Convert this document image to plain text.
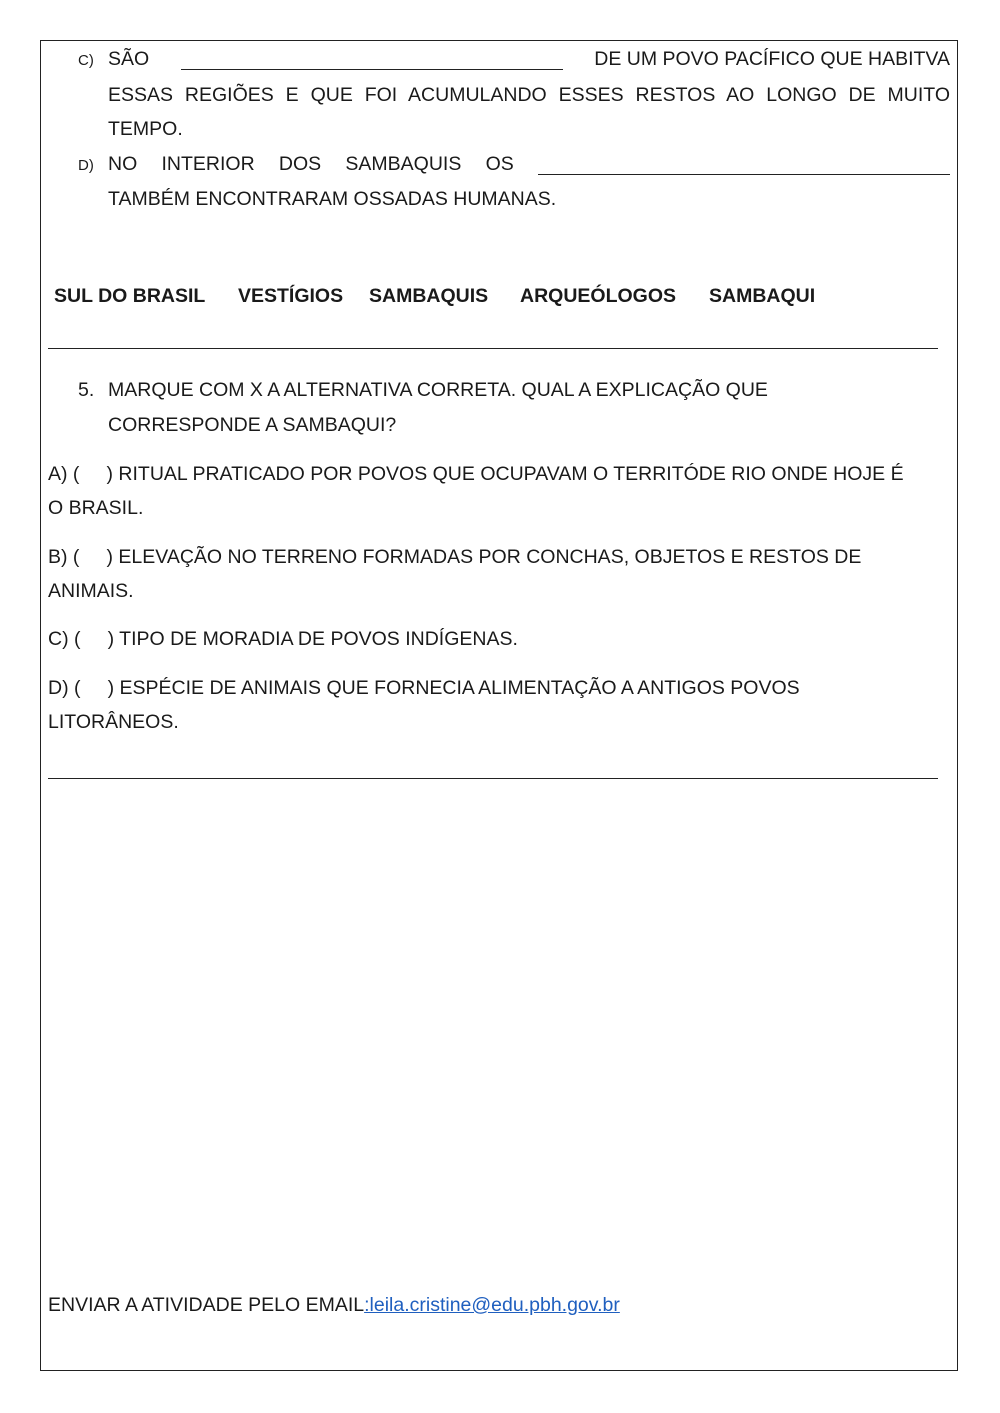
C) SÃO	DE UM POVO PACÍFICO QUE HABITVA
ESSAS REGIÕES E QUE FOI ACUMULANDO ESSES RESTOS AO LONGO DE MUITO
TEMPO.
D) NO INTERIOR DOS SAMBAQUIS OS
TAMBÉM ENCONTRARAM OSSADAS HUMANAS.
SUL DO BRASIL VESTÍGIOS SAMBAQUIS ARQUEÓLOGOS SAMBAQUI
5. MARQUE COM X A ALTERNATIVA CORRETA. QUAL A EXPLICAÇÃO QUE
CORRESPONDE A SAMBAQUI?
A) (     ) RITUAL PRATICADO POR POVOS QUE OCUPAVAM O TERRITÓDE RIO ONDE HOJE É
O BRASIL.
B) (     ) ELEVAÇÃO NO TERRENO FORMADAS POR CONCHAS, OBJETOS E RESTOS DE
ANIMAIS.
C) (     ) TIPO DE MORADIA DE POVOS INDÍGENAS.
D) (     ) ESPÉCIE DE ANIMAIS QUE FORNECIA ALIMENTAÇÃO A ANTIGOS POVOS
LITORÂNEOS.
ENVIAR A ATIVIDADE PELO EMAIL:leila.cristine@edu.pbh.gov.br
